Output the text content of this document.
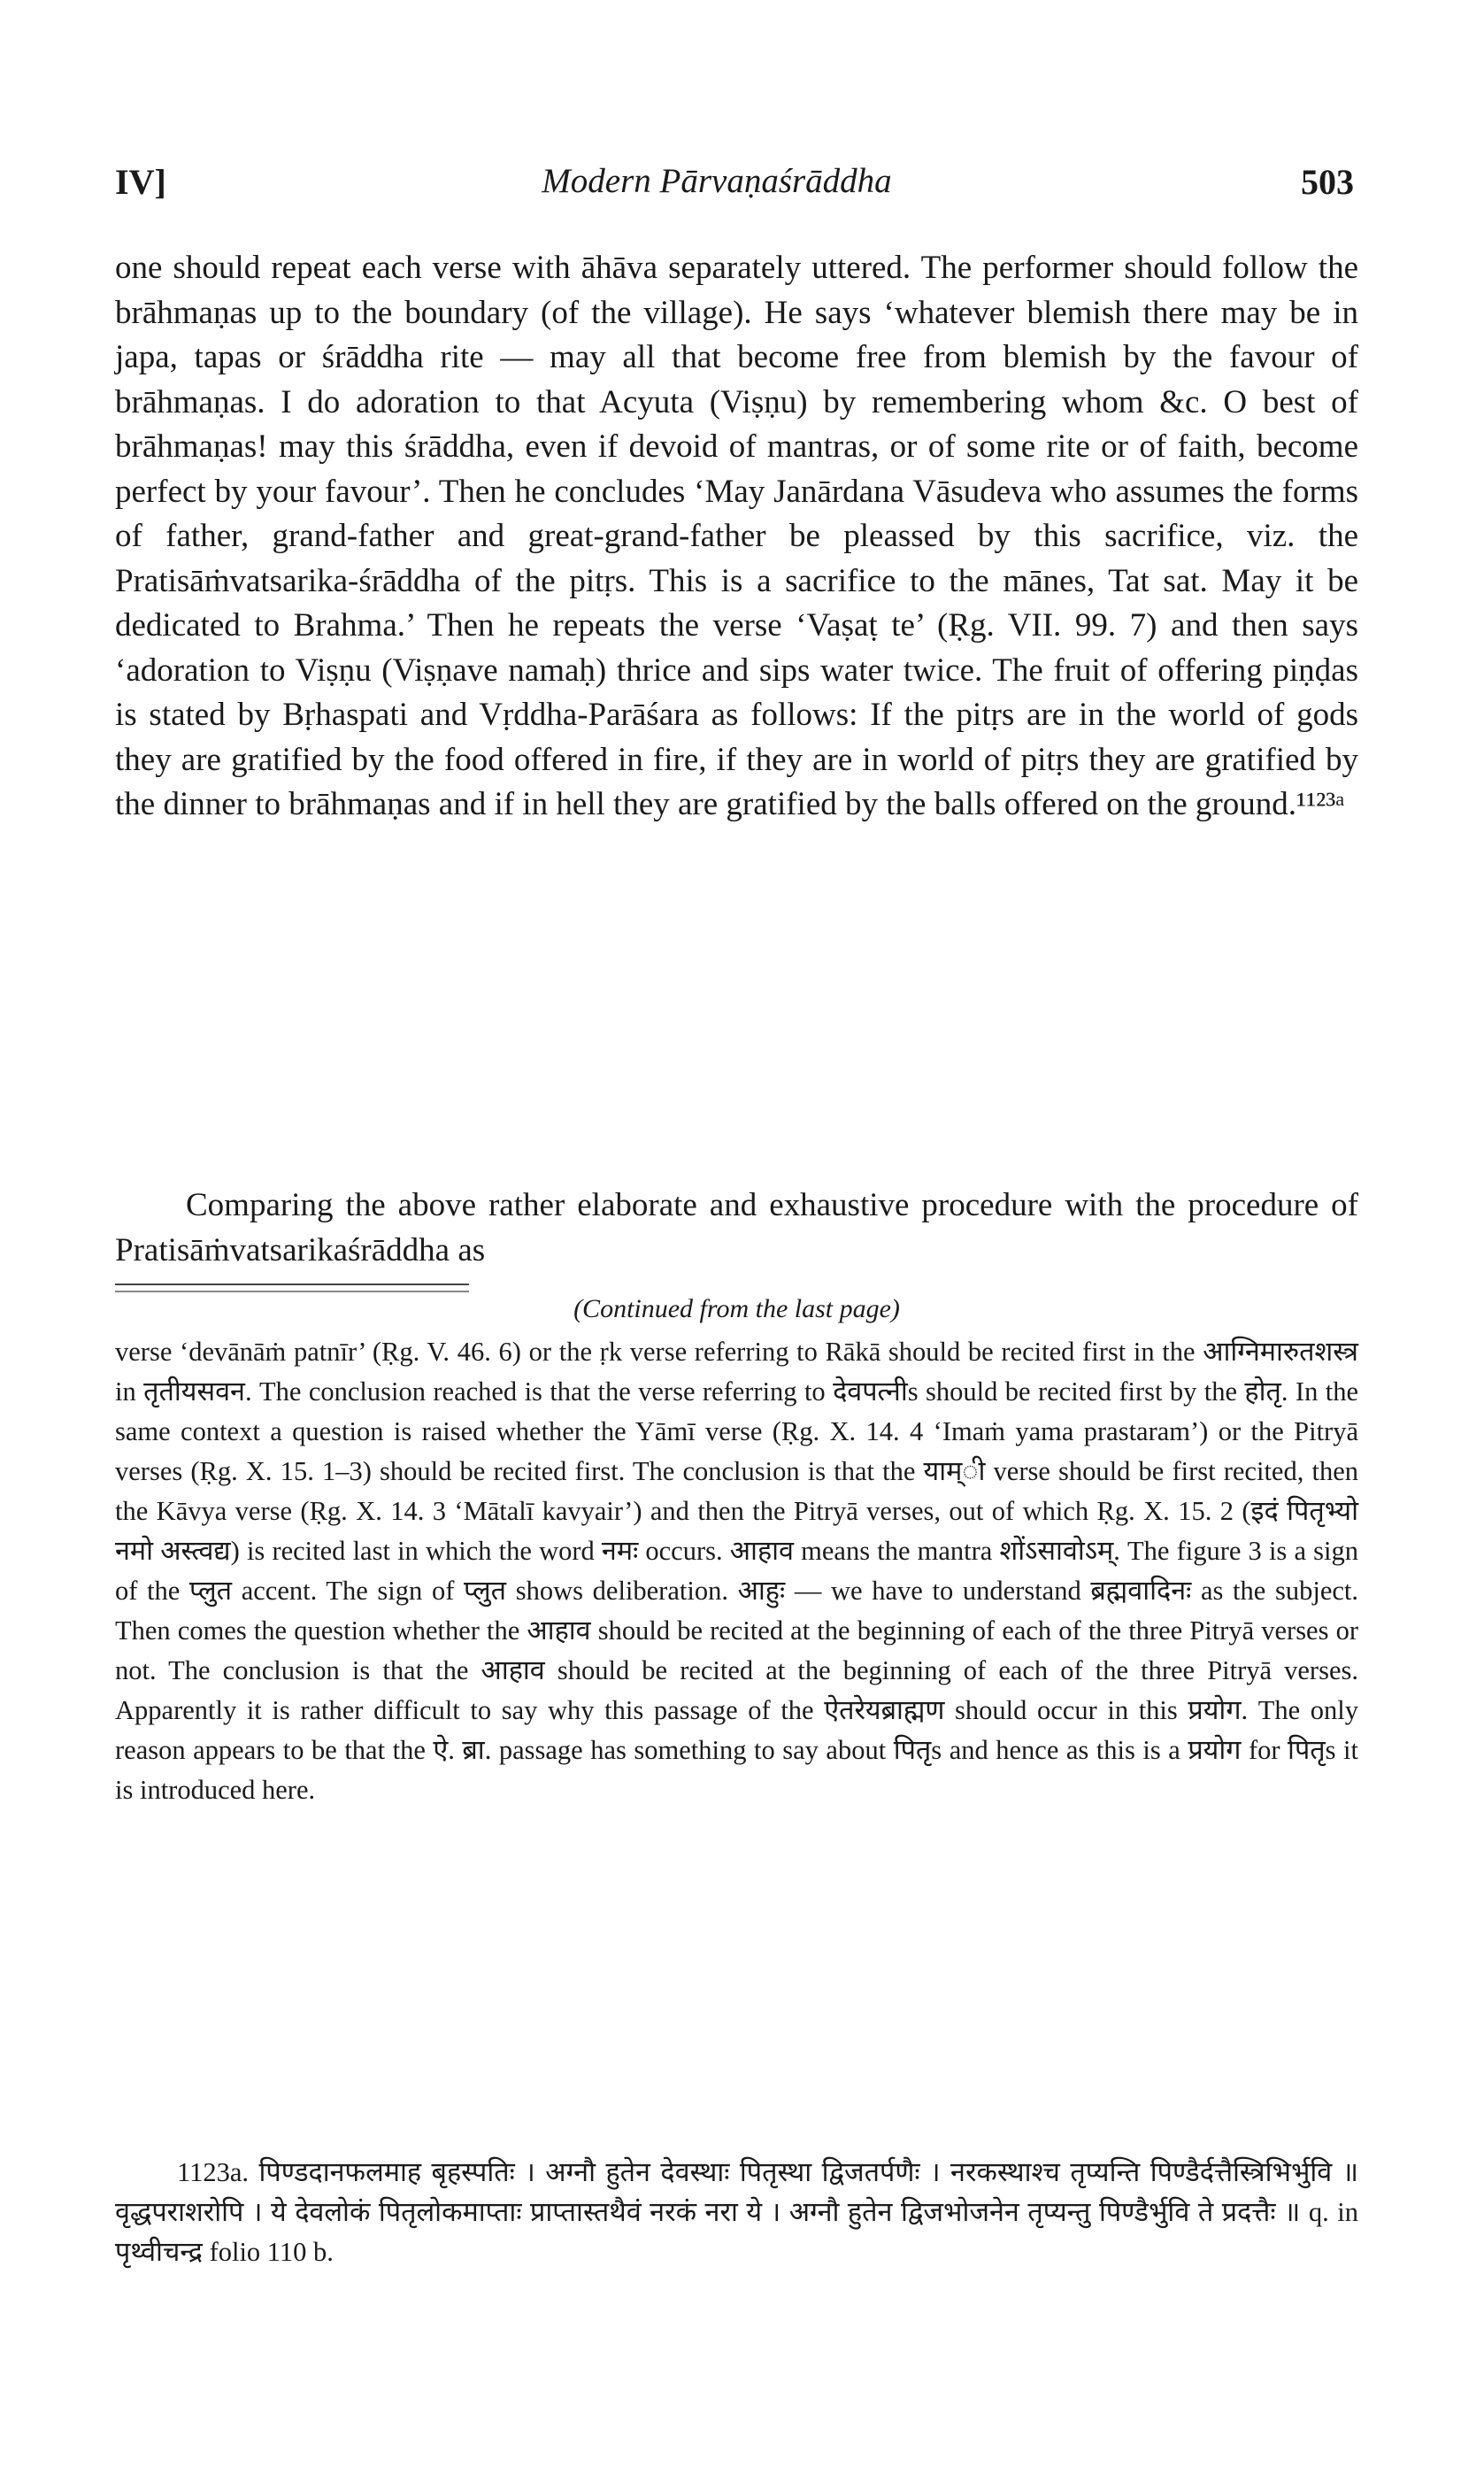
IV]	Modern Pārvaṇaśrāddha	503
one should repeat each verse with āhāva separately uttered. The performer should follow the brāhmaṇas up to the boundary (of the village). He says ‘whatever blemish there may be in japa, tapas or śrāddha rite — may all that become free from blemish by the favour of brāhmaṇas. I do adoration to that Acyuta (Viṣṇu) by remembering whom &c. O best of brāhmaṇas! may this śrāddha, even if devoid of mantras, or of some rite or of faith, become perfect by your favour’. Then he concludes ‘May Janārdana Vāsudeva who assumes the forms of father, grand-father and great-grand-father be pleassed by this sacrifice, viz. the Pratisāṁvatsarika-śrāddha of the pitṛs. This is a sacrifice to the mānes, Tat sat. May it be dedicated to Brahma.’ Then he repeats the verse ‘Vaṣaṭ te’ (Ṛg. VII. 99. 7) and then says ‘adoration to Viṣṇu (Viṣṇave namaḥ) thrice and sips water twice. The fruit of offering piṇḍas is stated by Bṛhaspati and Vṛddha-Parāśara as follows: If the pitṛs are in the world of gods they are gratified by the food offered in fire, if they are in world of pitṛs they are gratified by the dinner to brāhmaṇas and if in hell they are gratified by the balls offered on the ground.¹¹²³ᵃ
Comparing the above rather elaborate and exhaustive procedure with the procedure of Pratisāṁvatsarikaśrāddha as
(Continued from the last page)
verse ‘devānāṁ patnīr’ (Ṛg. V. 46. 6) or the ṛk verse referring to Rākā should be recited first in the आग्निमारुतशस्त्र in तृतीयसवन. The conclusion reached is that the verse referring to देवपत्नीs should be recited first by the होतृ. In the same context a question is raised whether the Yāmī verse (Ṛg. X. 14. 4 ‘Imaṁ yama prastaram’) or the Pitryā verses (Ṛg. X. 15. 1–3) should be recited first. The conclusion is that the याम्ी verse should be first recited, then the Kāvya verse (Ṛg. X. 14. 3 ‘Mātalī kavyair’) and then the Pitryā verses, out of which Ṛg. X. 15. 2 (इदं पितृभ्यो नमो अस्त्वद्य) is recited last in which the word नमः occurs. आहाव means the mantra शोंऽसावोऽम्. The figure 3 is a sign of the प्लुत accent. The sign of प्लुत shows deliberation. आहुः — we have to understand ब्रह्मवादिनः as the subject. Then comes the question whether the आहाव should be recited at the beginning of each of the three Pitryā verses or not. The conclusion is that the आहाव should be recited at the beginning of each of the three Pitryā verses. Apparently it is rather difficult to say why this passage of the ऐतरेयब्राह्मण should occur in this प्रयोग. The only reason appears to be that the ऐ. ब्रा. passage has something to say about पितृs and hence as this is a प्रयोग for पितृs it is introduced here.
1123a. पिण्डदानफलमाह बृहस्पतिः । अग्नौ हुतेन देवस्थाः पितृस्था द्विजतर्पणैः । नरकस्थाश्च तृप्यन्ति पिण्डैर्दत्तैस्त्रिभिर्भुवि ॥ वृद्धपराशरोपि । ये देवलोकं पितृलोकमाप्ताः प्राप्तास्तथैवं नरकं नरा ये । अग्नौ हुतेन द्विजभोजनेन तृप्यन्तु पिण्डैर्भुवि ते प्रदत्तैः ॥ q. in पृथ्वीचन्द्र folio 110 b.
